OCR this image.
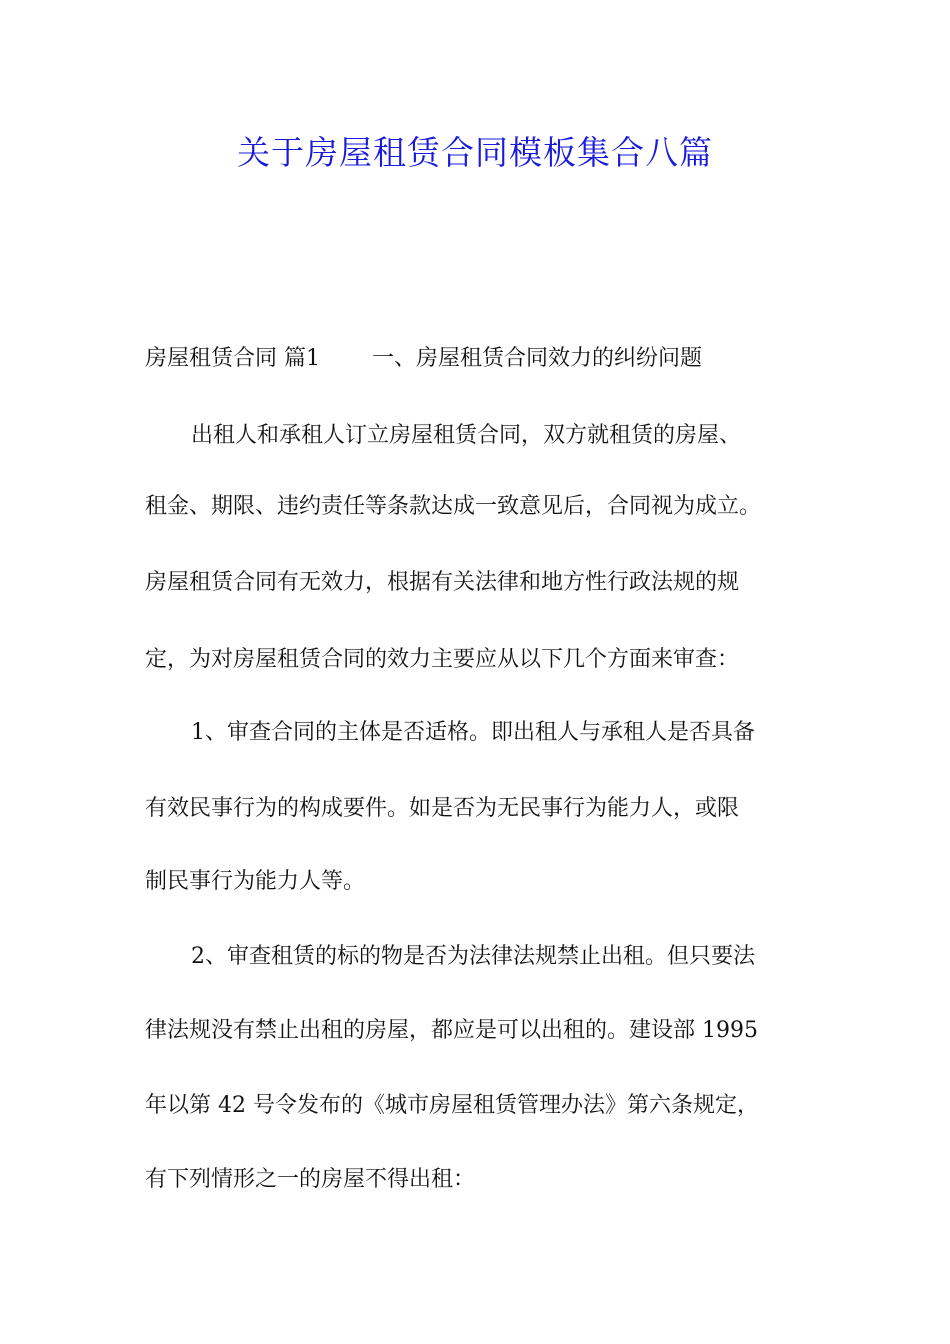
关于房屋租赁合同模板集合八篇

房屋租赁合同 篇1 一、房屋租赁合同效力的纠纷问题

出租人和承租人订立房屋租赁合同，双方就租赁的房屋、

租金、期限、违约责任等条款达成一致意见后，合同视为成立。

房屋租赁合同有无效力，根据有关法律和地方性行政法规的规

定，为对房屋租赁合同的效力主要应从以下几个方面来审查：

1、审查合同的主体是否适格。即出租人与承租人是否具备

有效民事行为的构成要件。如是否为无民事行为能力人，或限

制民事行为能力人等。

2、审查租赁的标的物是否为法律法规禁止出租。但只要法

律法规没有禁止出租的房屋，都应是可以出租的。建设部 1995

年以第 42 号令发布的《城市房屋租赁管理办法》第六条规定，

有下列情形之一的房屋不得出租：
